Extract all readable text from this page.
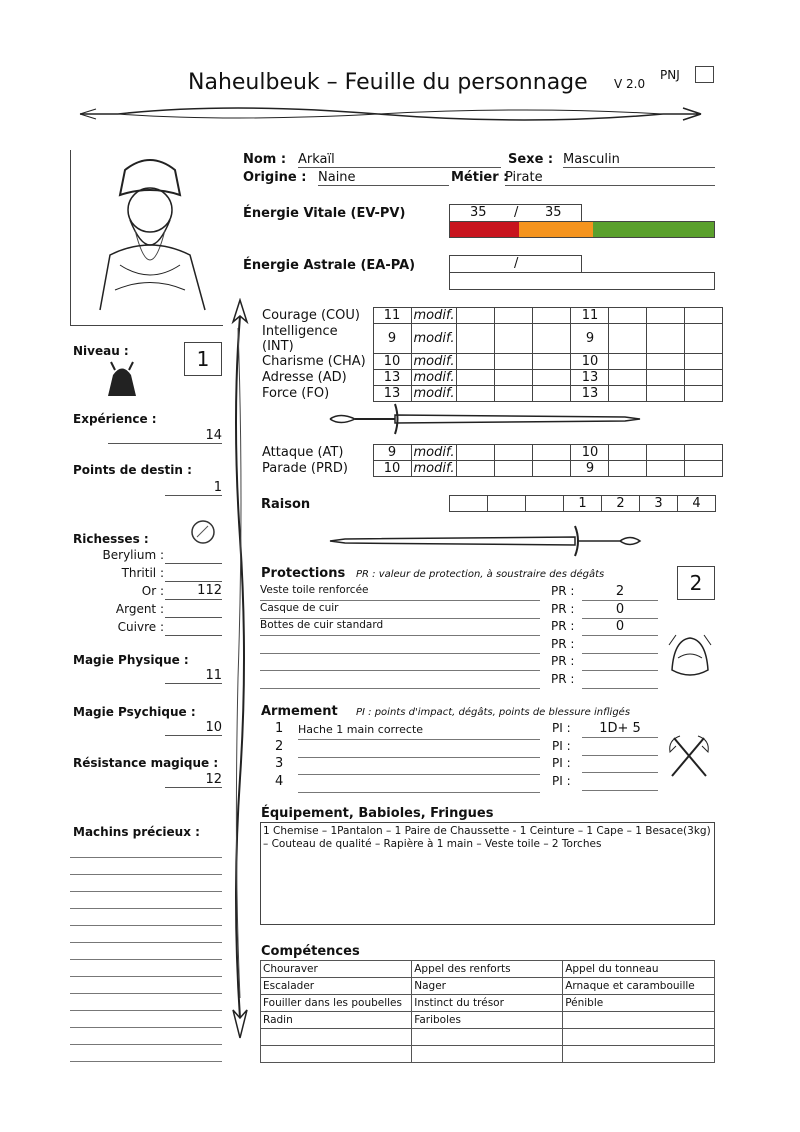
Naheulbeuk – Feuille du personnage V 2.0
PNJ
Nom : Arkaïl	Sexe : Masculin
Origine : Naine	Métier :
Pirate
Énergie Vitale (EV-PV)	35 / 35
Énergie Astrale (EA-PA)	/
Niveau :	1
Expérience :
14
Points de destin :
1
Richesses :
Berylium :
Thritil :
Or :	112
Argent :
Cuivre :
Magie Physique :
11
Magie Psychique :
10
Résistance magique :
12
Machins précieux :
Courage (COU)	11	modif.				11			
Intelligence (INT)	9	modif.				9			
Charisme (CHA)	10	modif.				10			
Adresse (AD)	13	modif.				13			
Force (FO)	13	modif.				13			
Attaque (AT)	9	modif.				10			
Parade (PRD)	10	modif.				9			
Raison
				1	2	3	4
Protections PR : valeur de protection, à soustraire des dégâts	2
Veste toile renforcée	PR :	2
Casque de cuir	PR :	0
Bottes de cuir standard	PR :	0
PR :
PR :
PR :
Armement PI : points d'impact, dégâts, points de blessure infligés
1 Hache 1 main correcte	PI :	1D+ 5
2	PI :
3	PI :
4	PI :
Équipement, Babioles, Fringues
1 Chemise – 1Pantalon – 1 Paire de Chaussette - 1 Ceinture – 1 Cape – 1 Besace(3kg) – Couteau de qualité – Rapière à 1 main – Veste toile – 2 Torches
Compétences
Chouraver	Appel des renforts	Appel du tonneau
Escalader	Nager	Arnaque et carambouille
Fouiller dans les poubelles	Instinct du trésor	Pénible
Radin	Fariboles	
